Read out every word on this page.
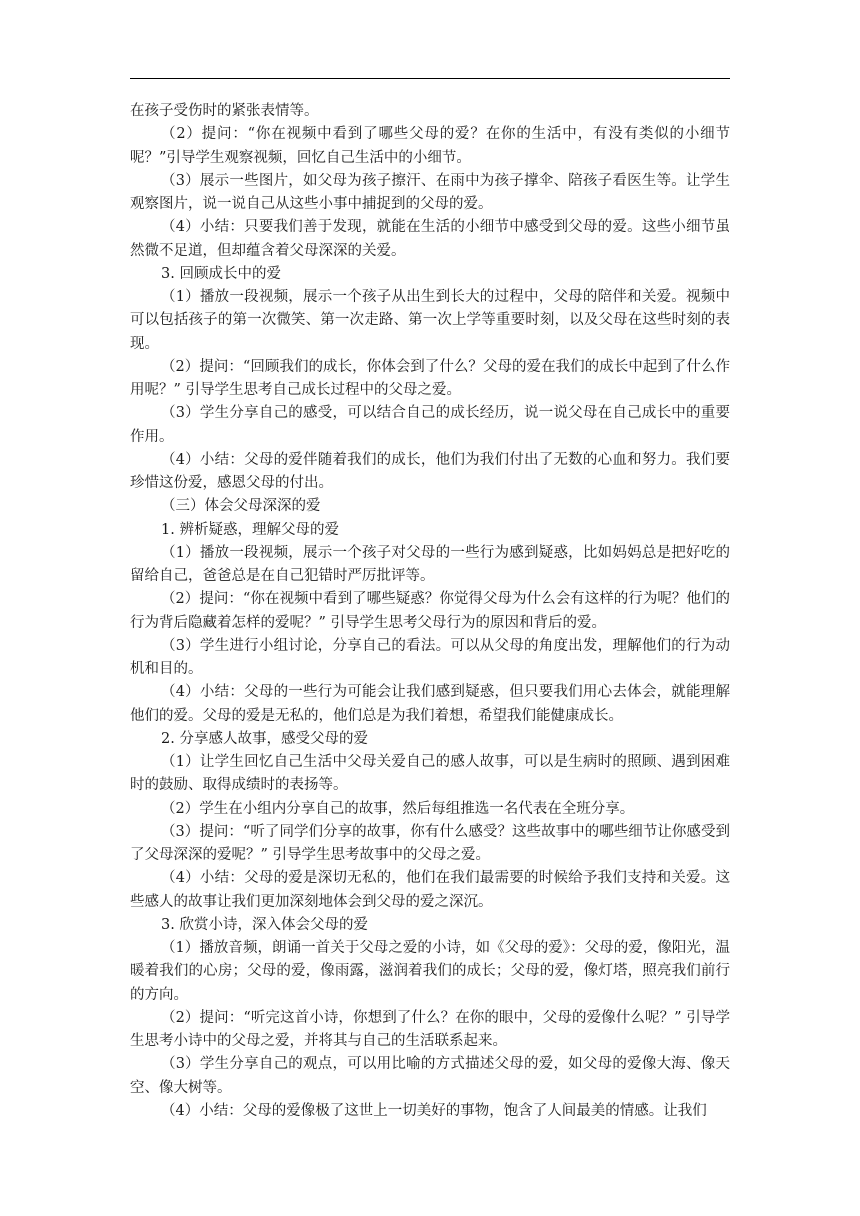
在孩子受伤时的紧张表情等。

（2）提问：“你在视频中看到了哪些父母的爱？在你的生活中，有没有类似的小细节呢？”引导学生观察视频，回忆自己生活中的小细节。

（3）展示一些图片，如父母为孩子擦汗、在雨中为孩子撑伞、陪孩子看医生等。让学生观察图片，说一说自己从这些小事中捕捉到的父母的爱。

（4）小结：只要我们善于发现，就能在生活的小细节中感受到父母的爱。这些小细节虽然微不足道，但却蕴含着父母深深的关爱。

3. 回顾成长中的爱

（1）播放一段视频，展示一个孩子从出生到长大的过程中，父母的陪伴和关爱。视频中可以包括孩子的第一次微笑、第一次走路、第一次上学等重要时刻，以及父母在这些时刻的表现。

（2）提问：“回顾我们的成长，你体会到了什么？父母的爱在我们的成长中起到了什么作用呢？” 引导学生思考自己成长过程中的父母之爱。

（3）学生分享自己的感受，可以结合自己的成长经历，说一说父母在自己成长中的重要作用。

（4）小结：父母的爱伴随着我们的成长，他们为我们付出了无数的心血和努力。我们要珍惜这份爱，感恩父母的付出。

（三）体会父母深深的爱

1. 辨析疑惑，理解父母的爱

（1）播放一段视频，展示一个孩子对父母的一些行为感到疑惑，比如妈妈总是把好吃的留给自己，爸爸总是在自己犯错时严厉批评等。

（2）提问：“你在视频中看到了哪些疑惑？你觉得父母为什么会有这样的行为呢？他们的行为背后隐藏着怎样的爱呢？” 引导学生思考父母行为的原因和背后的爱。

（3）学生进行小组讨论，分享自己的看法。可以从父母的角度出发，理解他们的行为动机和目的。

（4）小结：父母的一些行为可能会让我们感到疑惑，但只要我们用心去体会，就能理解他们的爱。父母的爱是无私的，他们总是为我们着想，希望我们能健康成长。

2. 分享感人故事，感受父母的爱

（1）让学生回忆自己生活中父母关爱自己的感人故事，可以是生病时的照顾、遇到困难时的鼓励、取得成绩时的表扬等。

（2）学生在小组内分享自己的故事，然后每组推选一名代表在全班分享。

（3）提问：“听了同学们分享的故事，你有什么感受？这些故事中的哪些细节让你感受到了父母深深的爱呢？” 引导学生思考故事中的父母之爱。

（4）小结：父母的爱是深切无私的，他们在我们最需要的时候给予我们支持和关爱。这些感人的故事让我们更加深刻地体会到父母的爱之深沉。

3. 欣赏小诗，深入体会父母的爱

（1）播放音频，朗诵一首关于父母之爱的小诗，如《父母的爱》：父母的爱，像阳光，温暖着我们的心房；父母的爱，像雨露，滋润着我们的成长；父母的爱，像灯塔，照亮我们前行的方向。

（2）提问：“听完这首小诗，你想到了什么？在你的眼中，父母的爱像什么呢？” 引导学生思考小诗中的父母之爱，并将其与自己的生活联系起来。

（3）学生分享自己的观点，可以用比喻的方式描述父母的爱，如父母的爱像大海、像天空、像大树等。

（4）小结：父母的爱像极了这世上一切美好的事物，饱含了人间最美的情感。让我们
